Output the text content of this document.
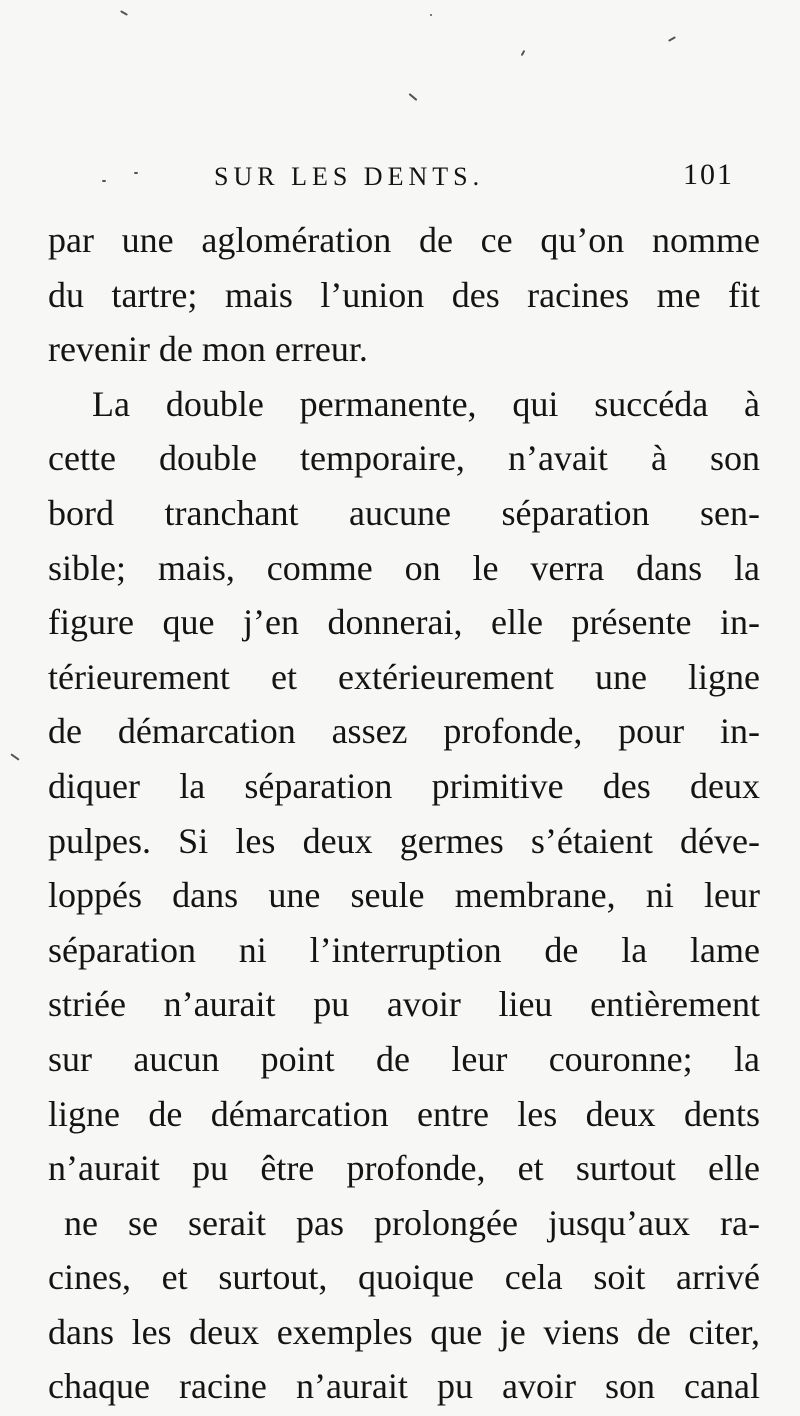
SUR LES DENTS.	101
par une aglomération de ce qu’on nomme
du tartre; mais l’union des racines me fit
revenir de mon erreur.
La double permanente, qui succéda à
cette double temporaire, n’avait à son
bord tranchant aucune séparation sen-
sible; mais, comme on le verra dans la
figure que j’en donnerai, elle présente in-
térieurement et extérieurement une ligne
de démarcation assez profonde, pour in-
diquer la séparation primitive des deux
pulpes. Si les deux germes s’étaient déve-
loppés dans une seule membrane, ni leur
séparation ni l’interruption de la lame
striée n’aurait pu avoir lieu entièrement
sur aucun point de leur couronne; la
ligne de démarcation entre les deux dents
n’aurait pu être profonde, et surtout elle
ne se serait pas prolongée jusqu’aux ra-
cines, et surtout, quoique cela soit arrivé
dans les deux exemples que je viens de citer,
chaque racine n’aurait pu avoir son canal
